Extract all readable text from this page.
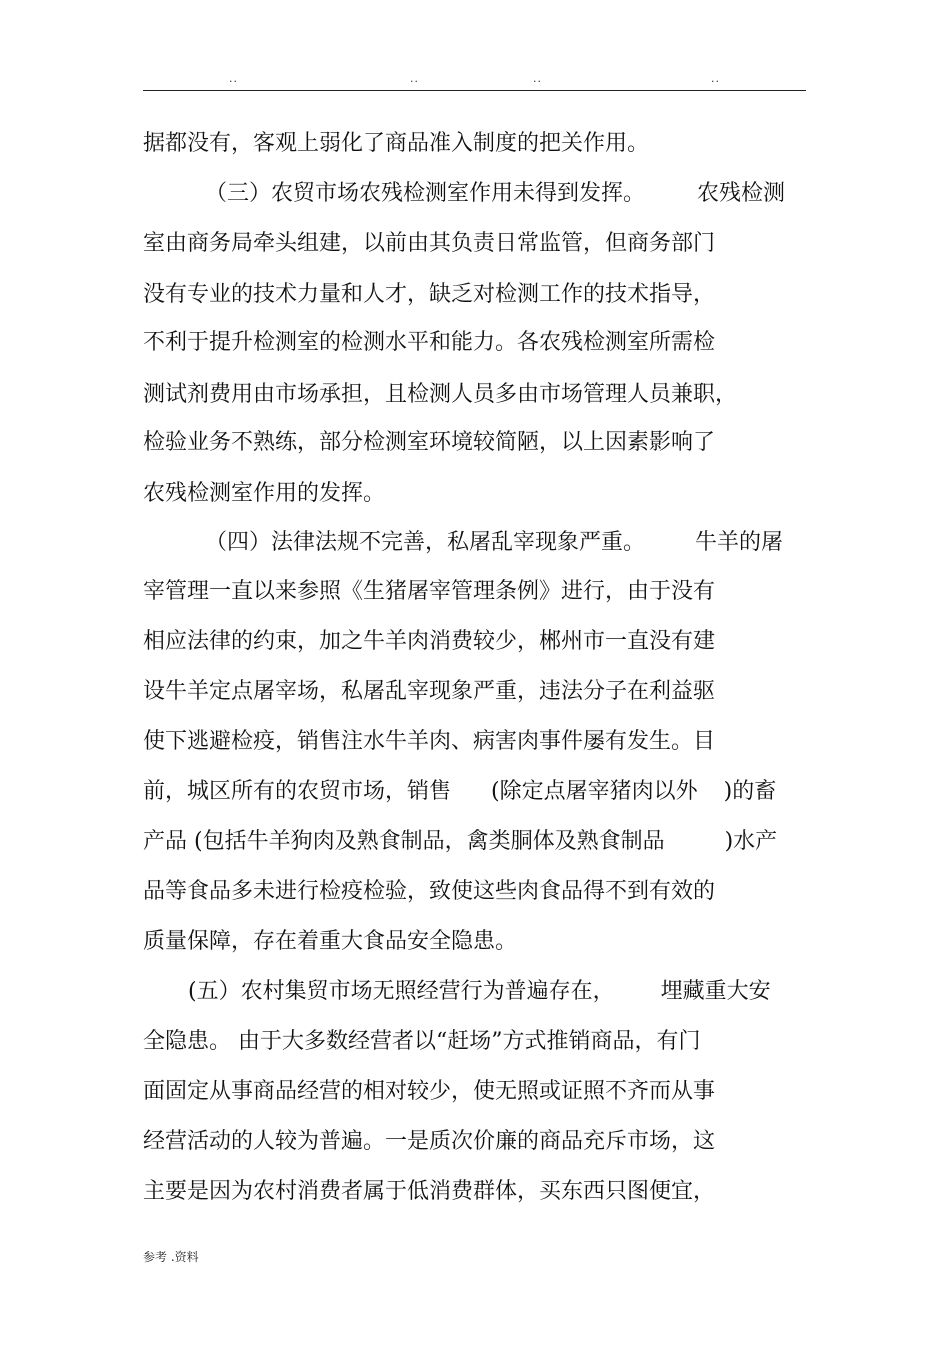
..	..	..	..
据都没有，客观上弱化了商品准入制度的把关作用。
（三）农贸市场农残检测室作用未得到发挥。 农残检测
室由商务局牵头组建，以前由其负责日常监管，但商务部门
没有专业的技术力量和人才，缺乏对检测工作的技术指导，
不利于提升检测室的检测水平和能力。各农残检测室所需检
测试剂费用由市场承担，且检测人员多由市场管理人员兼职，
检验业务不熟练，部分检测室环境较简陋，以上因素影响了
农残检测室作用的发挥。
（四）法律法规不完善，私屠乱宰现象严重。 牛羊的屠
宰管理一直以来参照《生猪屠宰管理条例》进行，由于没有
相应法律的约束，加之牛羊肉消费较少，郴州市一直没有建
设牛羊定点屠宰场，私屠乱宰现象严重，违法分子在利益驱
使下逃避检疫，销售注水牛羊肉、病害肉事件屡有发生。目
前，城区所有的农贸市场，销售 (除定点屠宰猪肉以外 )的畜
产品 (包括牛羊狗肉及熟食制品，禽类胴体及熟食制品	)水产
品等食品多未进行检疫检验，致使这些肉食品得不到有效的
质量保障，存在着重大食品安全隐患。
(五）农村集贸市场无照经营行为普遍存在， 埋藏重大安
全隐患。 由于大多数经营者以“赶场”方式推销商品，有门
面固定从事商品经营的相对较少，使无照或证照不齐而从事
经营活动的人较为普遍。一是质次价廉的商品充斥市场，这
主要是因为农村消费者属于低消费群体，买东西只图便宜，
参考 .资料
